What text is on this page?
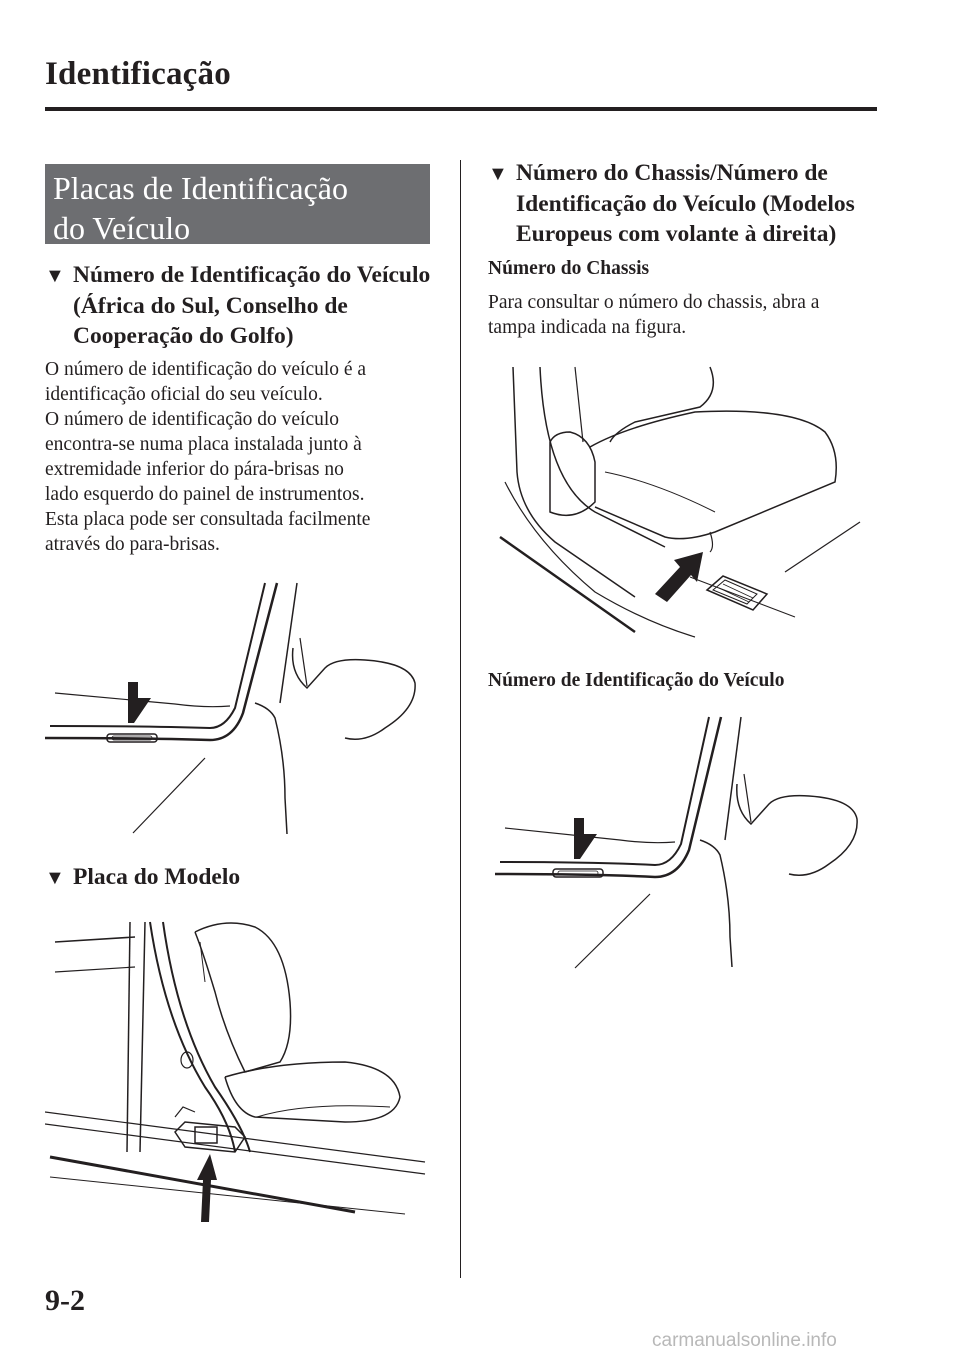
Identificação
Placas de Identificação
do Veículo
▼ Número de Identificação do Veículo (África do Sul, Conselho de Cooperação do Golfo)
O número de identificação do veículo é a
identificação oficial do seu veículo.
O número de identificação do veículo
encontra-se numa placa instalada junto à
extremidade inferior do pára-brisas no
lado esquerdo do painel de instrumentos.
Esta placa pode ser consultada facilmente
através do para-brisas.
▼ Placa do Modelo
▼ Número do Chassis/Número de Identificação do Veículo (Modelos Europeus com volante à direita)
Número do Chassis
Para consultar o número do chassis, abra a
tampa indicada na figura.
Número de Identificação do Veículo
9-2
carmanualsonline.info
